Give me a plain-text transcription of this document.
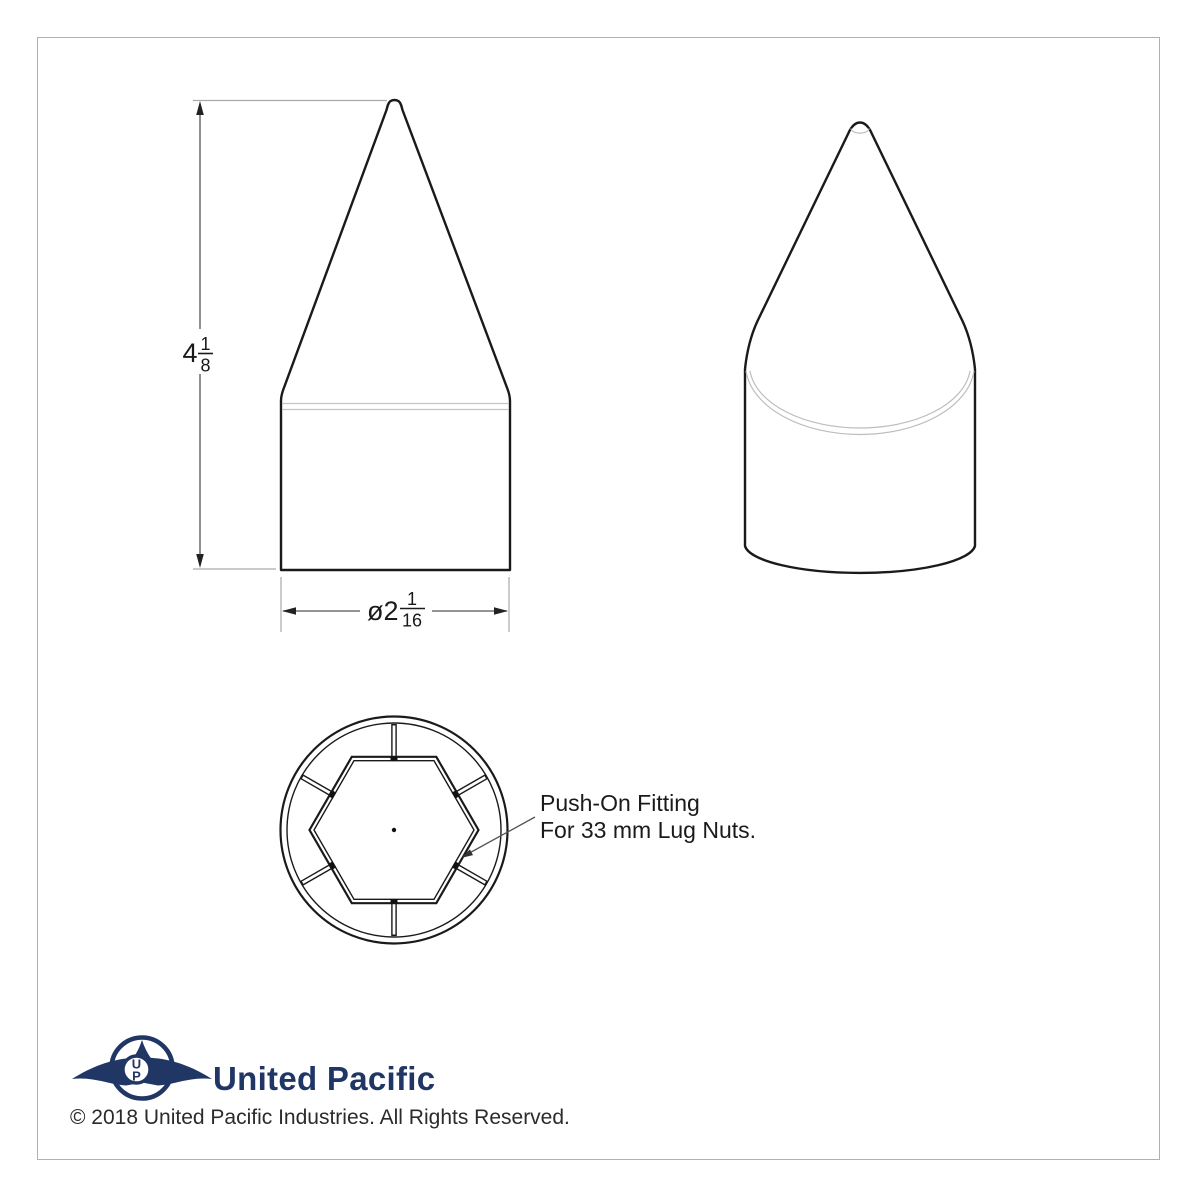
4 1
8
ø2 1
16
Push-On Fitting
For 33 mm Lug Nuts.
U
P United Pacific
© 2018 United Pacific Industries. All Rights Reserved.
